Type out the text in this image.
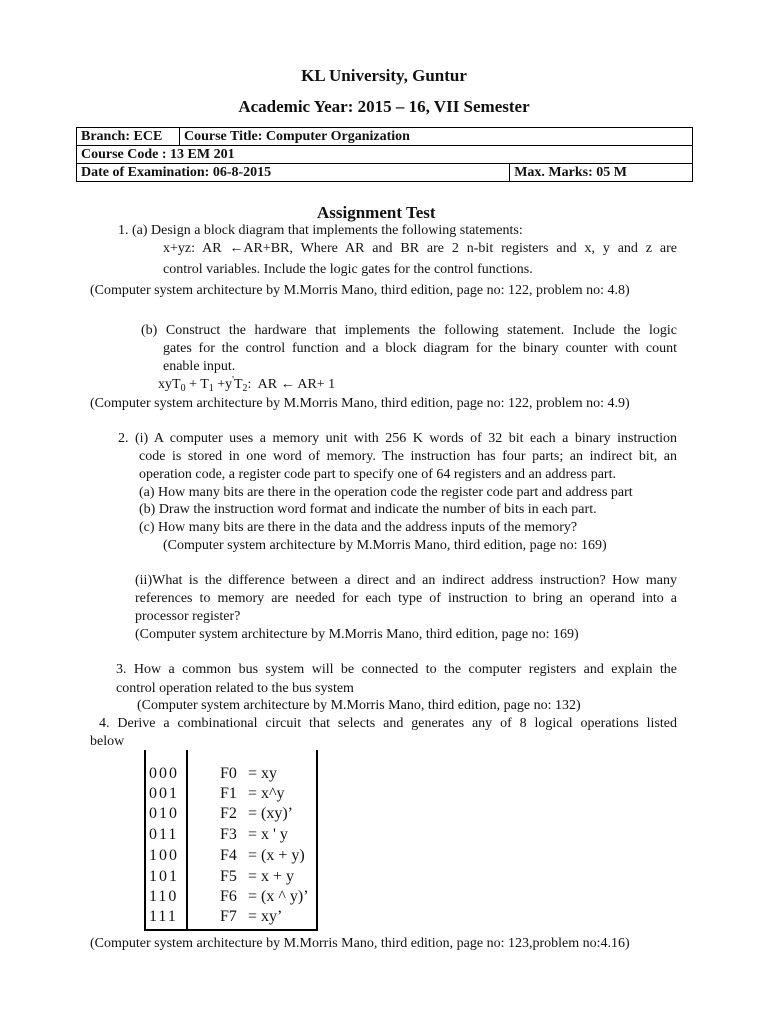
KL University, Guntur
Academic Year: 2015 – 16, VII Semester
Branch: ECE	Course Title: Computer Organization	
Course Code : 13 EM 201		
Date of Examination: 06-8-2015		Max. Marks: 05 M
Assignment Test
1. (a) Design a block diagram that implements the following statements:
x+yz: AR ←AR+BR, Where AR and BR are 2 n-bit registers and x, y and z are
control variables. Include the logic gates for the control functions.
(Computer system architecture by M.Morris Mano, third edition, page no: 122, problem no: 4.8)
(b) Construct the hardware that implements the following statement. Include the logic
gates for the control function and a block diagram for the binary counter with count
enable input.
$xyT_0 + T_1 +y'T_2$:  AR ← AR+ 1
(Computer system architecture by M.Morris Mano, third edition, page no: 122, problem no: 4.9)
2. (i) A computer uses a memory unit with 256 K words of 32 bit each a binary instruction
code is stored in one word of memory. The instruction has four parts; an indirect bit, an
operation code, a register code part to specify one of 64 registers and an address part.
(a) How many bits are there in the operation code the register code part and address part
(b) Draw the instruction word format and indicate the number of bits in each part.
(c) How many bits are there in the data and the address inputs of the memory?
(Computer system architecture by M.Morris Mano, third edition, page no: 169)
(ii)What is the difference between a direct and an indirect address instruction? How many
references to memory are needed for each type of instruction to bring an operand into a
processor register?
(Computer system architecture by M.Morris Mano, third edition, page no: 169)
3. How a common bus system will be connected to the computer registers and explain the
control operation related to the bus system
(Computer system architecture by M.Morris Mano, third edition, page no: 132)
4. Derive a combinational circuit that selects and generates any of 8 logical operations listed
below
000	F0 = xy
001	F1 = x^y
010	F2 = (xy)’
011	F3 = x ' y
100	F4 = (x + y)
101	F5 = x + y
110	F6 = (x ^ y)’
111	F7 = xy’
(Computer system architecture by M.Morris Mano, third edition, page no: 123,problem no:4.16)
